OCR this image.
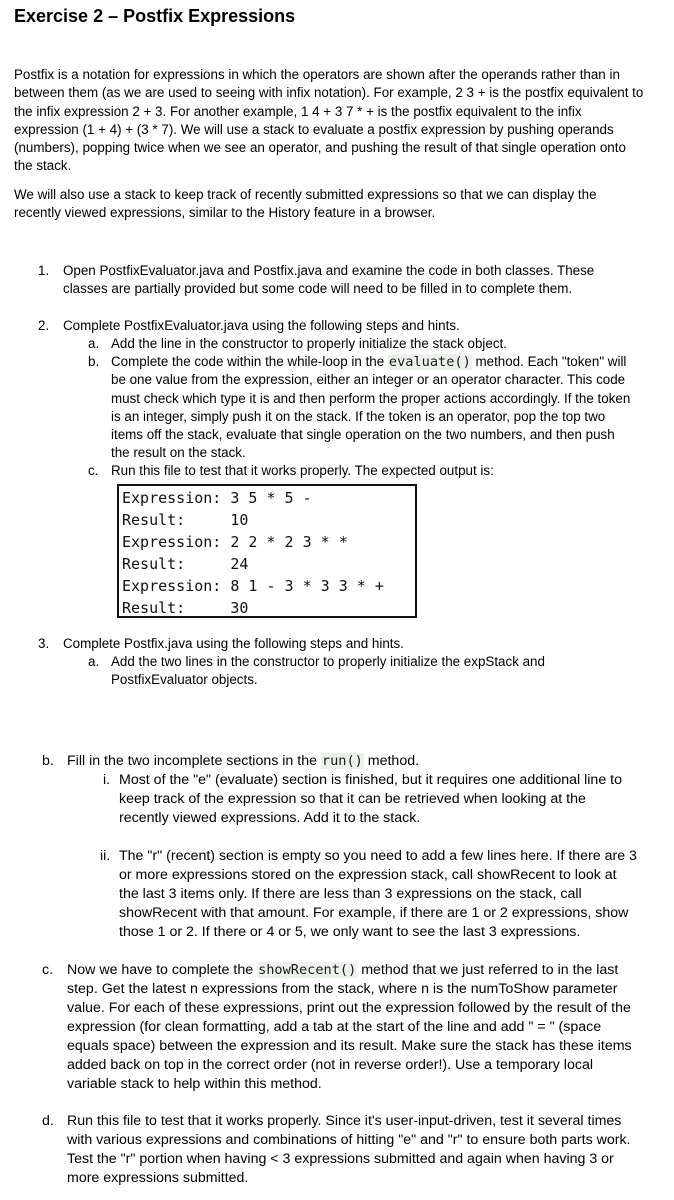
Exercise 2 – Postfix Expressions

Postfix is a notation for expressions in which the operators are shown after the operands rather than in between them (as we are used to seeing with infix notation). For example, 2 3 + is the postfix equivalent to the infix expression 2 + 3. For another example, 1 4 + 3 7 * + is the postfix equivalent to the infix expression (1 + 4) + (3 * 7). We will use a stack to evaluate a postfix expression by pushing operands (numbers), popping twice when we see an operator, and pushing the result of that single operation onto the stack.

We will also use a stack to keep track of recently submitted expressions so that we can display the recently viewed expressions, similar to the History feature in a browser.

1. Open PostfixEvaluator.java and Postfix.java and examine the code in both classes. These classes are partially provided but some code will need to be filled in to complete them.
2. Complete PostfixEvaluator.java using the following steps and hints.
a. Add the line in the constructor to properly initialize the stack object.
b. Complete the code within the while-loop in the evaluate() method. Each "token" will be one value from the expression, either an integer or an operator character. This code must check which type it is and then perform the proper actions accordingly. If the token is an integer, simply push it on the stack. If the token is an operator, pop the top two items off the stack, evaluate that single operation on the two numbers, and then push the result on the stack.
c. Run this file to test that it works properly. The expected output is:
Expression: 3 5 * 5 -
Result:     10
Expression: 2 2 * 2 3 * *
Result:     24
Expression: 8 1 - 3 * 3 3 * +
Result:     30
3. Complete Postfix.java using the following steps and hints.
a. Add the two lines in the constructor to properly initialize the expStack and PostfixEvaluator objects.
b. Fill in the two incomplete sections in the run() method.
i. Most of the "e" (evaluate) section is finished, but it requires one additional line to keep track of the expression so that it can be retrieved when looking at the recently viewed expressions. Add it to the stack.
ii. The "r" (recent) section is empty so you need to add a few lines here. If there are 3 or more expressions stored on the expression stack, call showRecent to look at the last 3 items only. If there are less than 3 expressions on the stack, call showRecent with that amount. For example, if there are 1 or 2 expressions, show those 1 or 2. If there or 4 or 5, we only want to see the last 3 expressions.
c. Now we have to complete the showRecent() method that we just referred to in the last step. Get the latest n expressions from the stack, where n is the numToShow parameter value. For each of these expressions, print out the expression followed by the result of the expression (for clean formatting, add a tab at the start of the line and add " = " (space equals space) between the expression and its result. Make sure the stack has these items added back on top in the correct order (not in reverse order!). Use a temporary local variable stack to help within this method.
d. Run this file to test that it works properly. Since it's user-input-driven, test it several times with various expressions and combinations of hitting "e" and "r" to ensure both parts work. Test the "r" portion when having < 3 expressions submitted and again when having 3 or more expressions submitted.
